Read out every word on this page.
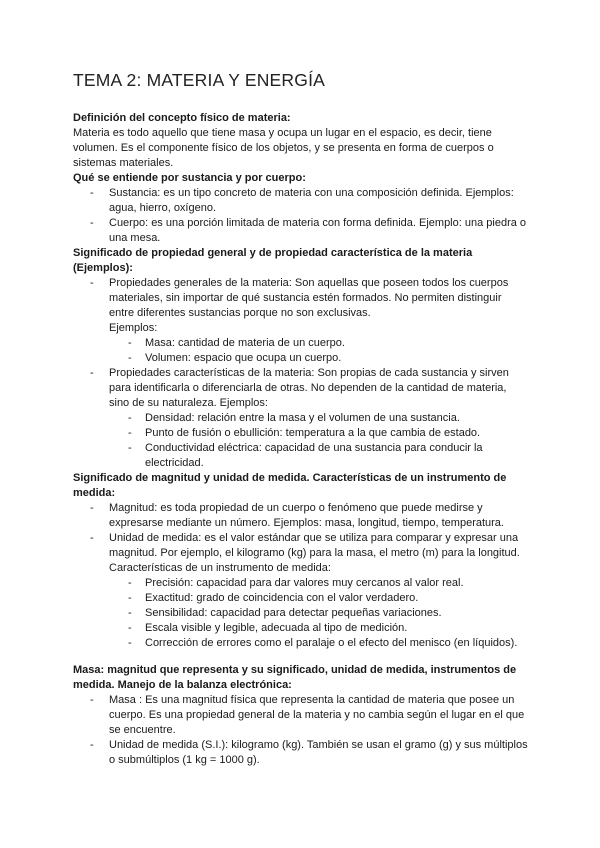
TEMA 2: MATERIA Y ENERGÍA
Definición del concepto físico de materia:

Materia es todo aquello que tiene masa y ocupa un lugar en el espacio, es decir, tiene volumen. Es el componente físico de los objetos, y se presenta en forma de cuerpos o sistemas materiales.

Qué se entiende por sustancia y por cuerpo:
- Sustancia: es un tipo concreto de materia con una composición definida. Ejemplos: agua, hierro, oxígeno.
- Cuerpo: es una porción limitada de materia con forma definida. Ejemplo: una piedra o una mesa.
Significado de propiedad general y de propiedad característica de la materia (Ejemplos):
- Propiedades generales de la materia: Son aquellas que poseen todos los cuerpos materiales, sin importar de qué sustancia estén formados. No permiten distinguir entre diferentes sustancias porque no son exclusivas.
Ejemplos:
- Masa: cantidad de materia de un cuerpo.
- Volumen: espacio que ocupa un cuerpo.
- Propiedades características de la materia: Son propias de cada sustancia y sirven para identificarla o diferenciarla de otras. No dependen de la cantidad de materia, sino de su naturaleza. Ejemplos:
- Densidad: relación entre la masa y el volumen de una sustancia.
- Punto de fusión o ebullición: temperatura a la que cambia de estado.
- Conductividad eléctrica: capacidad de una sustancia para conducir la electricidad.
Significado de magnitud y unidad de medida. Características de un instrumento de medida:
- Magnitud: es toda propiedad de un cuerpo o fenómeno que puede medirse y expresarse mediante un número. Ejemplos: masa, longitud, tiempo, temperatura.
- Unidad de medida: es el valor estándar que se utiliza para comparar y expresar una magnitud. Por ejemplo, el kilogramo (kg) para la masa, el metro (m) para la longitud.
Características de un instrumento de medida:
- Precisión: capacidad para dar valores muy cercanos al valor real.
- Exactitud: grado de coincidencia con el valor verdadero.
- Sensibilidad: capacidad para detectar pequeñas variaciones.
- Escala visible y legible, adecuada al tipo de medición.
- Corrección de errores como el paralaje o el efecto del menisco (en líquidos).
Masa: magnitud que representa y su significado, unidad de medida, instrumentos de medida. Manejo de la balanza electrónica:
- Masa : Es una magnitud física que representa la cantidad de materia que posee un cuerpo. Es una propiedad general de la materia y no cambia según el lugar en el que se encuentre.
- Unidad de medida (S.I.): kilogramo (kg). También se usan el gramo (g) y sus múltiplos o submúltiplos (1 kg = 1000 g).
